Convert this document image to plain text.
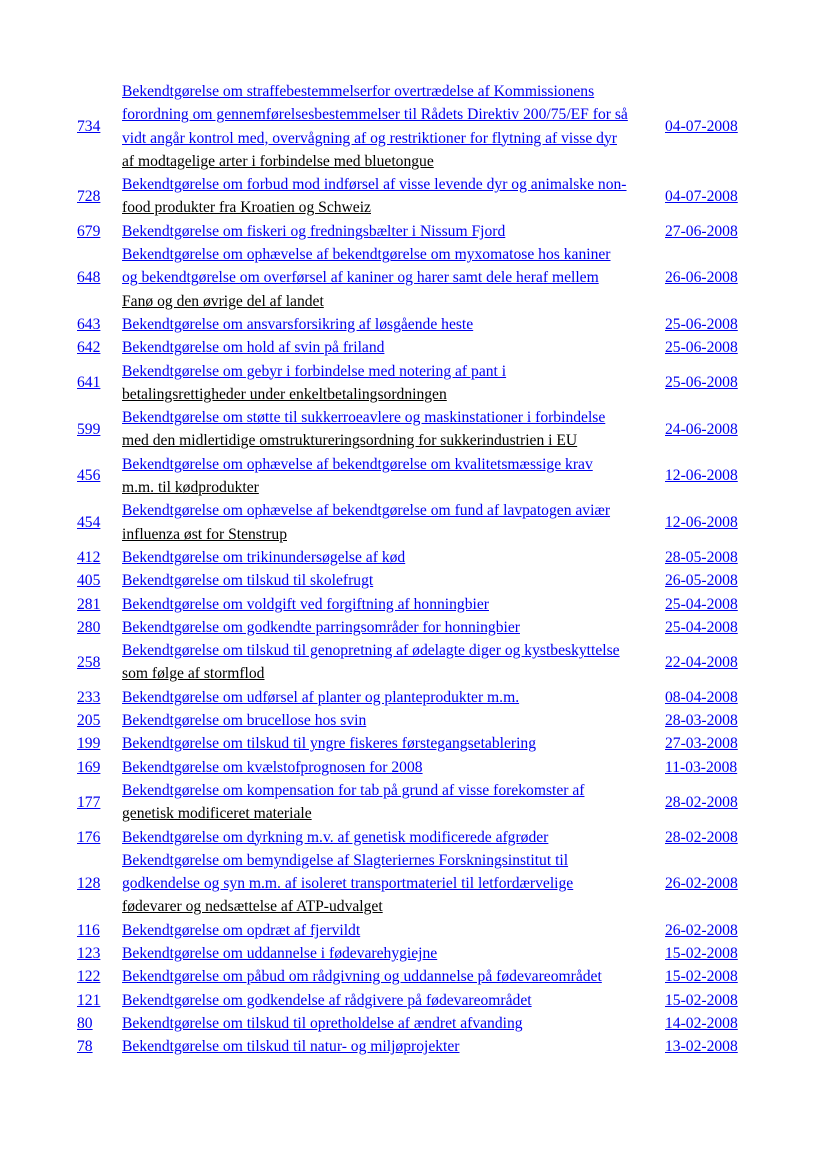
734	Bekendtgørelse om straffebestemmelserfor overtrædelse af Kommissionens
forordning om gennemførelsesbestemmelser til Rådets Direktiv 200/75/EF for så
vidt angår kontrol med, overvågning af og restriktioner for flytning af visse dyr
af modtagelige arter i forbindelse med bluetongue	04-07-2008
728	Bekendtgørelse om forbud mod indførsel af visse levende dyr og animalske non-
food produkter fra Kroatien og Schweiz	04-07-2008
679	Bekendtgørelse om fiskeri og fredningsbælter i Nissum Fjord	27-06-2008
648	Bekendtgørelse om ophævelse af bekendtgørelse om myxomatose hos kaniner
og bekendtgørelse om overførsel af kaniner og harer samt dele heraf mellem
Fanø og den øvrige del af landet	26-06-2008
643	Bekendtgørelse om ansvarsforsikring af løsgående heste	25-06-2008
642	Bekendtgørelse om hold af svin på friland	25-06-2008
641	Bekendtgørelse om gebyr i forbindelse med notering af pant i
betalingsrettigheder under enkeltbetalingsordningen	25-06-2008
599	Bekendtgørelse om støtte til sukkerroeavlere og maskinstationer i forbindelse
med den midlertidige omstruktureringsordning for sukkerindustrien i EU	24-06-2008
456	Bekendtgørelse om ophævelse af bekendtgørelse om kvalitetsmæssige krav
m.m. til kødprodukter	12-06-2008
454	Bekendtgørelse om ophævelse af bekendtgørelse om fund af lavpatogen aviær
influenza øst for Stenstrup	12-06-2008
412	Bekendtgørelse om trikinundersøgelse af kød	28-05-2008
405	Bekendtgørelse om tilskud til skolefrugt	26-05-2008
281	Bekendtgørelse om voldgift ved forgiftning af honningbier	25-04-2008
280	Bekendtgørelse om godkendte parringsområder for honningbier	25-04-2008
258	Bekendtgørelse om tilskud til genopretning af ødelagte diger og kystbeskyttelse
som følge af stormflod	22-04-2008
233	Bekendtgørelse om udførsel af planter og planteprodukter m.m.	08-04-2008
205	Bekendtgørelse om brucellose hos svin	28-03-2008
199	Bekendtgørelse om tilskud til yngre fiskeres førstegangsetablering	27-03-2008
169	Bekendtgørelse om kvælstofprognosen for 2008	11-03-2008
177	Bekendtgørelse om kompensation for tab på grund af visse forekomster af
genetisk modificeret materiale	28-02-2008
176	Bekendtgørelse om dyrkning m.v. af genetisk modificerede afgrøder	28-02-2008
128	Bekendtgørelse om bemyndigelse af Slagteriernes Forskningsinstitut til
godkendelse og syn m.m. af isoleret transportmateriel til letfordærvelige
fødevarer og nedsættelse af ATP-udvalget	26-02-2008
116	Bekendtgørelse om opdræt af fjervildt	26-02-2008
123	Bekendtgørelse om uddannelse i fødevarehygiejne	15-02-2008
122	Bekendtgørelse om påbud om rådgivning og uddannelse på fødevareområdet	15-02-2008
121	Bekendtgørelse om godkendelse af rådgivere på fødevareområdet	15-02-2008
80	Bekendtgørelse om tilskud til opretholdelse af ændret afvanding	14-02-2008
78	Bekendtgørelse om tilskud til natur- og miljøprojekter	13-02-2008
